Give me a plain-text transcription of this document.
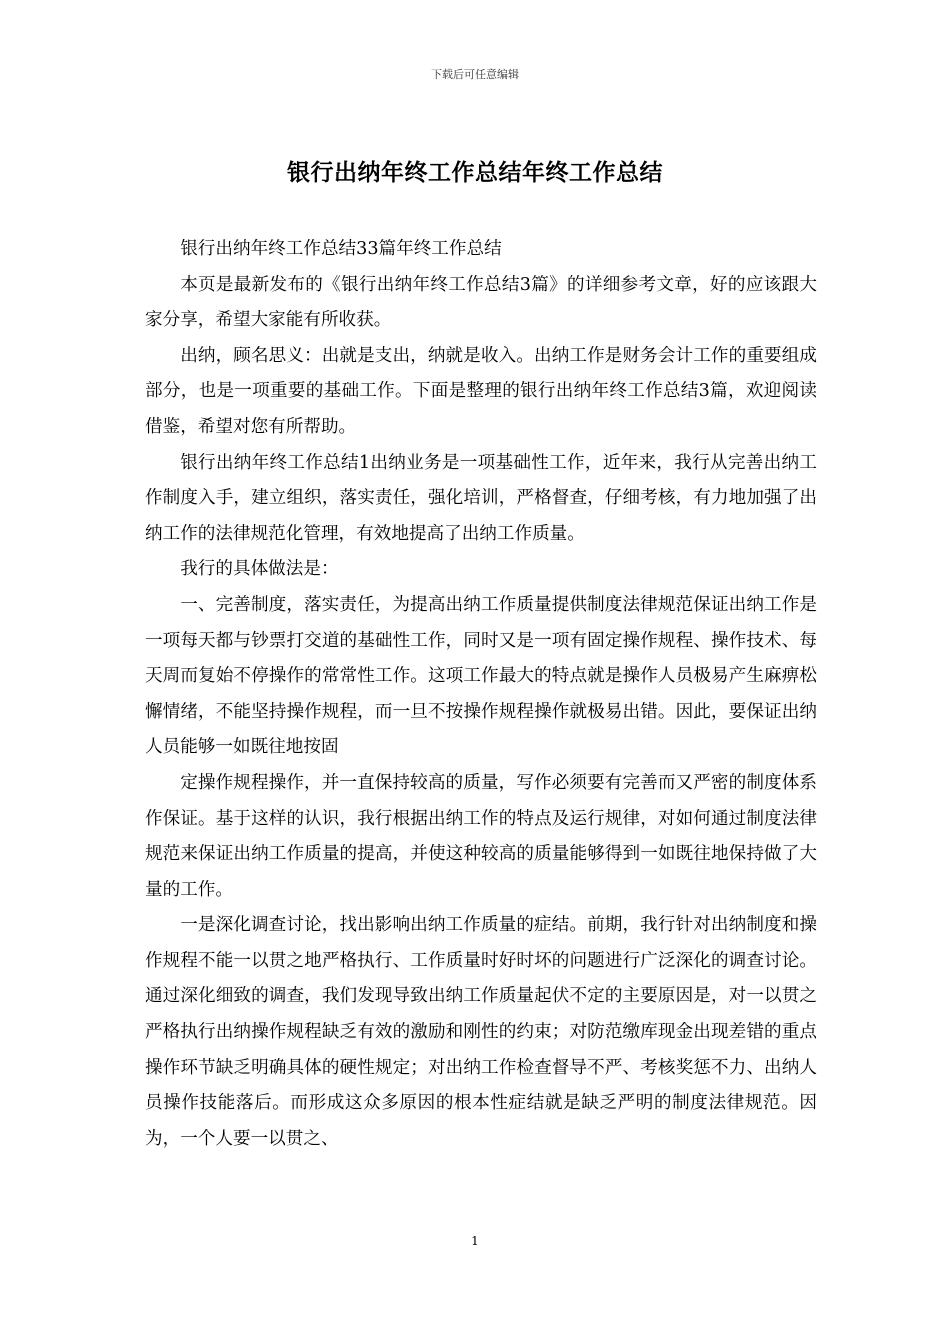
下载后可任意编辑
银行出纳年终工作总结年终工作总结

银行出纳年终工作总结33篇年终工作总结

本页是最新发布的《银行出纳年终工作总结3篇》的详细参考文章，好的应该跟大家分享，希望大家能有所收获。

出纳，顾名思义：出就是支出，纳就是收入。出纳工作是财务会计工作的重要组成部分，也是一项重要的基础工作。下面是整理的银行出纳年终工作总结3篇，欢迎阅读借鉴，希望对您有所帮助。

银行出纳年终工作总结1出纳业务是一项基础性工作，近年来，我行从完善出纳工作制度入手，建立组织，落实责任，强化培训，严格督查，仔细考核，有力地加强了出纳工作的法律规范化管理，有效地提高了出纳工作质量。

我行的具体做法是：

一、完善制度，落实责任，为提高出纳工作质量提供制度法律规范保证出纳工作是一项每天都与钞票打交道的基础性工作，同时又是一项有固定操作规程、操作技术、每天周而复始不停操作的常常性工作。这项工作最大的特点就是操作人员极易产生麻痹松懈情绪，不能坚持操作规程，而一旦不按操作规程操作就极易出错。因此，要保证出纳人员能够一如既往地按固

定操作规程操作，并一直保持较高的质量，写作必须要有完善而又严密的制度体系作保证。基于这样的认识，我行根据出纳工作的特点及运行规律，对如何通过制度法律规范来保证出纳工作质量的提高，并使这种较高的质量能够得到一如既往地保持做了大量的工作。

一是深化调查讨论，找出影响出纳工作质量的症结。前期，我行针对出纳制度和操作规程不能一以贯之地严格执行、工作质量时好时坏的问题进行广泛深化的调查讨论。通过深化细致的调查，我们发现导致出纳工作质量起伏不定的主要原因是，对一以贯之严格执行出纳操作规程缺乏有效的激励和刚性的约束；对防范缴库现金出现差错的重点操作环节缺乏明确具体的硬性规定；对出纳工作检查督导不严、考核奖惩不力、出纳人员操作技能落后。而形成这众多原因的根本性症结就是缺乏严明的制度法律规范。因为，一个人要一以贯之、

1
